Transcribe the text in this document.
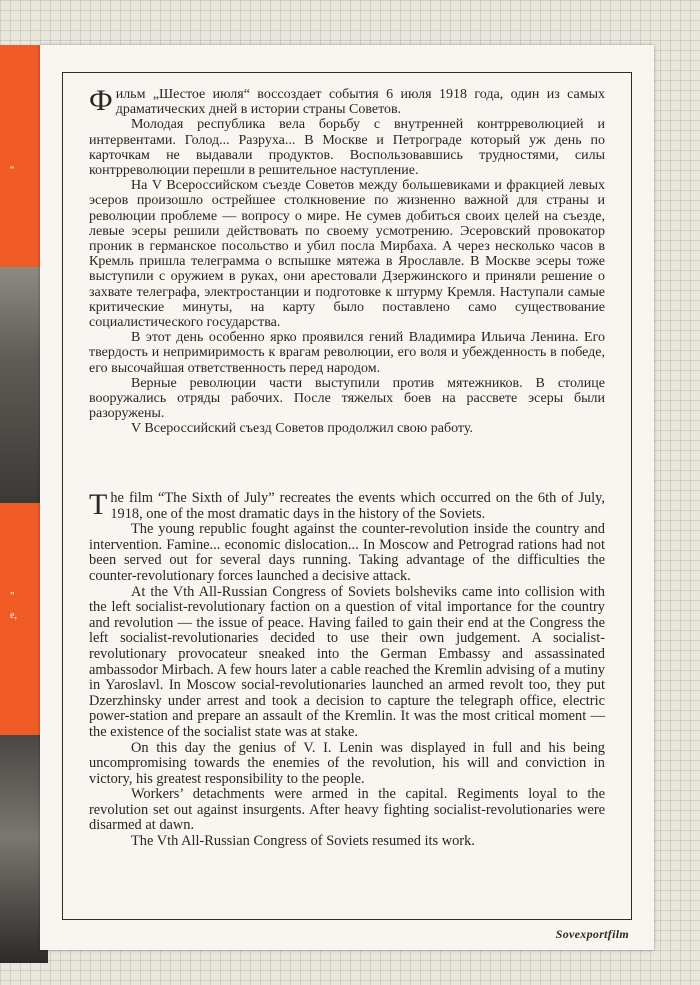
“
„
e,

Фильм „Шестое июля“ воссоздает события 6 июля 1918 года, один из самых драматических дней в истории страны Советов.

Молодая республика вела борьбу с внутренней контрреволюцией и интервентами. Голод... Разруха... В Москве и Петрограде который уж день по карточкам не выдавали продуктов. Воспользовавшись трудностями, силы контрреволюции перешли в решительное наступление.

На V Всероссийском съезде Советов между большевиками и фракцией левых эсеров произошло острейшее столкновение по жизненно важной для страны и революции проблеме — вопросу о мире. Не сумев добиться своих целей на съезде, левые эсеры решили действовать по своему усмотрению. Эсеровский провокатор проник в германское посольство и убил посла Мирбаха. А через несколько часов в Кремль пришла телеграмма о вспышке мятежа в Ярославле. В Москве эсеры тоже выступили с оружием в руках, они арестовали Дзержинского и приняли решение о захвате телеграфа, электростанции и подготовке к штурму Кремля. Наступали самые критические минуты, на карту было поставлено само существование социалистического государства.

В этот день особенно ярко проявился гений Владимира Ильича Ленина. Его твердость и непримиримость к врагам революции, его воля и убежденность в победе, его высочайшая ответственность перед народом.

Верные революции части выступили против мятежников. В столице вооружались отряды рабочих. После тяжелых боев на рассвете эсеры были разоружены.

V Всероссийский съезд Советов продолжил свою работу.

The film “The Sixth of July” recreates the events which occurred on the 6th of July, 1918, one of the most dramatic days in the history of the Soviets.

The young republic fought against the counter-revolution inside the country and intervention. Famine... economic dislocation... In Moscow and Petrograd rations had not been served out for several days running. Taking advantage of the difficulties the counter-revolutionary forces launched a decisive attack.

At the Vth All-Russian Congress of Soviets bolsheviks came into collision with the left socialist-revolutionary faction on a question of vital importance for the country and revolution — the issue of peace. Having failed to gain their end at the Congress the left socialist-revolutionaries decided to use their own judgement. A socialist-revolutionary provocateur sneaked into the German Embassy and assassinated ambassodor Mirbach. A few hours later a cable reached the Kremlin advising of a mutiny in Yaroslavl. In Moscow social-revolutionaries launched an armed revolt too, they put Dzerzhinsky under arrest and took a decision to capture the telegraph office, electric power-station and prepare an assault of the Kremlin. It was the most critical moment — the existence of the socialist state was at stake.

On this day the genius of V. I. Lenin was displayed in full and his being uncompromising towards the enemies of the revolution, his will and conviction in victory, his greatest responsibility to the people.

Workers’ detachments were armed in the capital. Regiments loyal to the revolution set out against insurgents. After heavy fighting socialist-revolutionaries were disarmed at dawn.

The Vth All-Russian Congress of Soviets resumed its work.

Sovexportfilm
